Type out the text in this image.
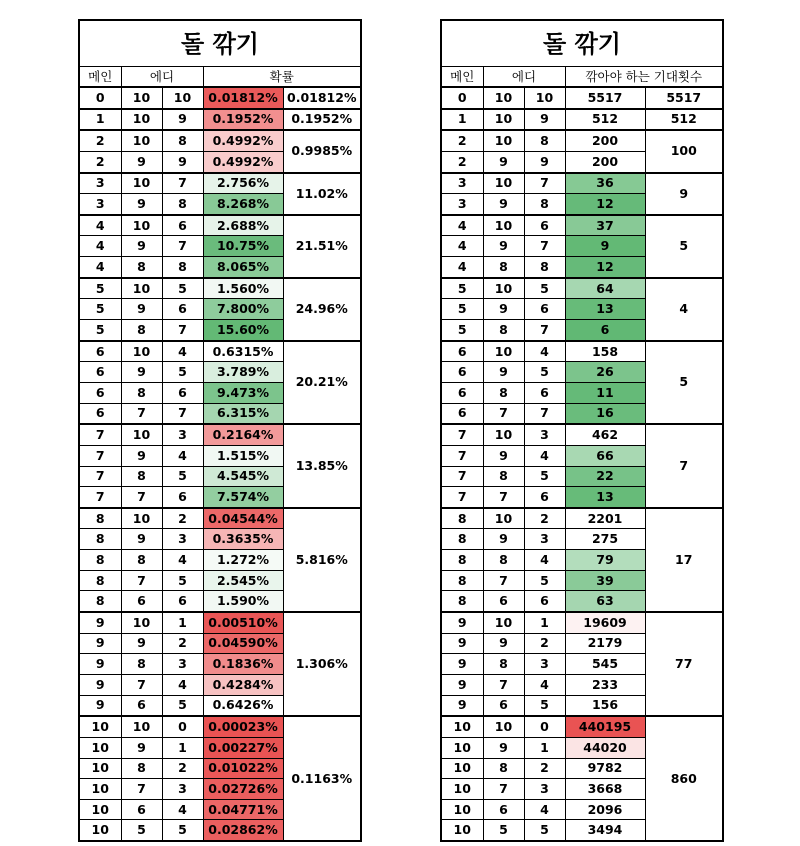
돌 깎기				
메인	에디		확률	
0	10	10	0.01812%	0.01812%
1	10	9	0.1952%	0.1952%
2	10	8	0.4992%	0.9985%
2	9	9	0.4992%	
3	10	7	2.756%	11.02%
3	9	8	8.268%	
4	10	6	2.688%	21.51%
4	9	7	10.75%	
4	8	8	8.065%	
5	10	5	1.560%	24.96%
5	9	6	7.800%	
5	8	7	15.60%	
6	10	4	0.6315%	20.21%
6	9	5	3.789%	
6	8	6	9.473%	
6	7	7	6.315%	
7	10	3	0.2164%	13.85%
7	9	4	1.515%	
7	8	5	4.545%	
7	7	6	7.574%	
8	10	2	0.04544%	5.816%
8	9	3	0.3635%	
8	8	4	1.272%	
8	7	5	2.545%	
8	6	6	1.590%	
9	10	1	0.00510%	1.306%
9	9	2	0.04590%	
9	8	3	0.1836%	
9	7	4	0.4284%	
9	6	5	0.6426%	
10	10	0	0.00023%	0.1163%
10	9	1	0.00227%	
10	8	2	0.01022%	
10	7	3	0.02726%	
10	6	4	0.04771%	
10	5	5	0.02862%	
돌 깎기				
메인	에디		깎아야 하는 기대횟수	
0	10	10	5517	5517
1	10	9	512	512
2	10	8	200	100
2	9	9	200	
3	10	7	36	9
3	9	8	12	
4	10	6	37	5
4	9	7	9	
4	8	8	12	
5	10	5	64	4
5	9	6	13	
5	8	7	6	
6	10	4	158	5
6	9	5	26	
6	8	6	11	
6	7	7	16	
7	10	3	462	7
7	9	4	66	
7	8	5	22	
7	7	6	13	
8	10	2	2201	17
8	9	3	275	
8	8	4	79	
8	7	5	39	
8	6	6	63	
9	10	1	19609	77
9	9	2	2179	
9	8	3	545	
9	7	4	233	
9	6	5	156	
10	10	0	440195	860
10	9	1	44020	
10	8	2	9782	
10	7	3	3668	
10	6	4	2096	
10	5	5	3494	
